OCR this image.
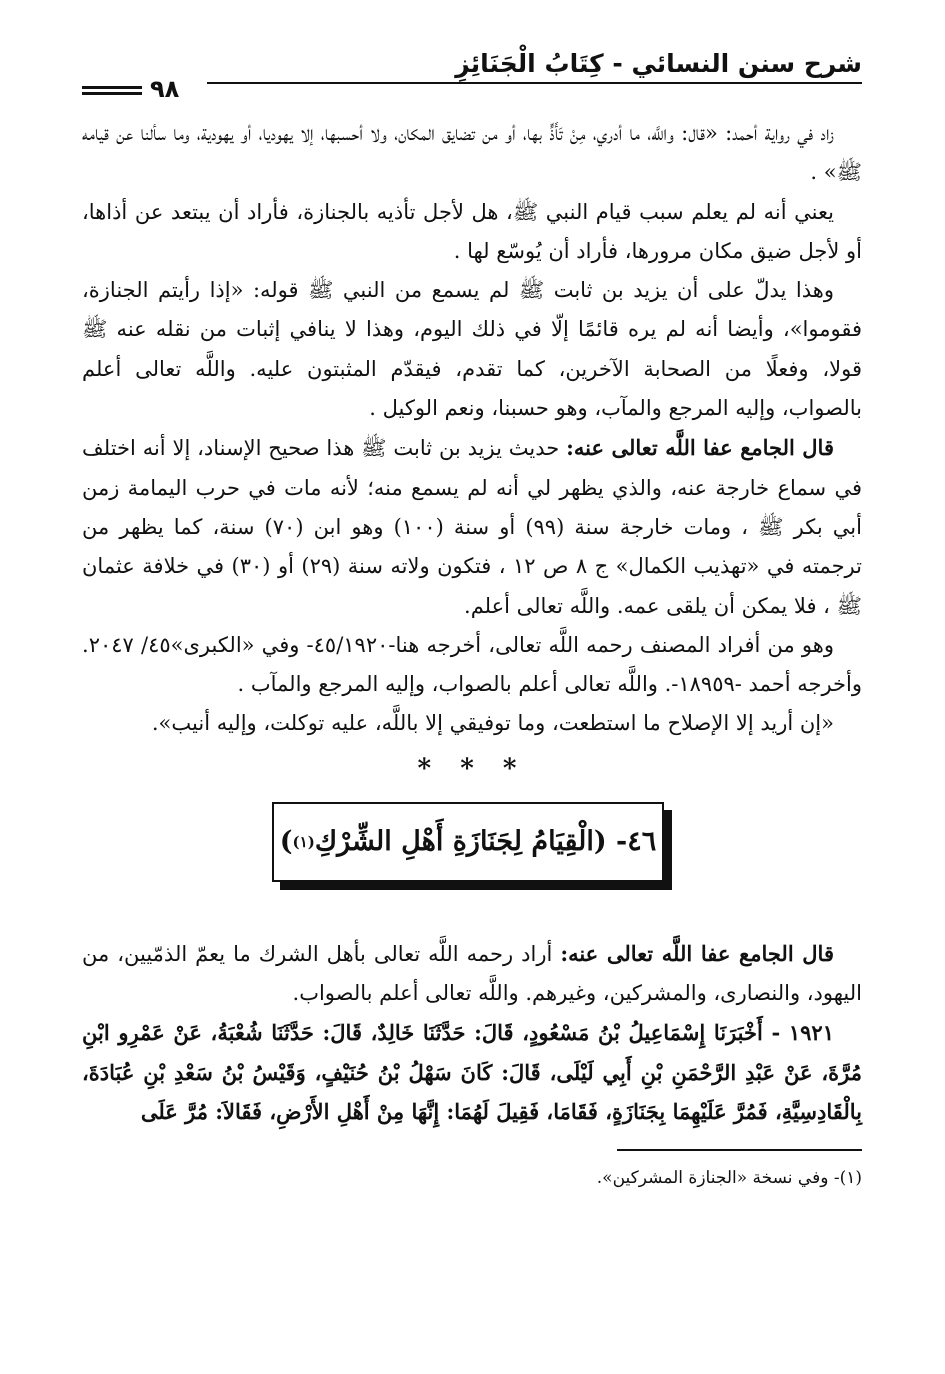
شرح سنن النسائي - كِتَابُ الْجَنَائِزِ
٩٨

زاد في رواية أحمد: «قال: واللَّه، ما أدري، مِنْ تَأَذٍّ بها، أو من تضايق المكان، ولا أحسبها، إلا يهوديا، أو يهودية، وما سألنا عن قيامه ﷺ» .

يعني أنه لم يعلم سبب قيام النبي ﷺ، هل لأجل تأذيه بالجنازة، فأراد أن يبتعد عن أذاها، أو لأجل ضيق مكان مرورها، فأراد أن يُوسّع لها .

وهذا يدلّ على أن يزيد بن ثابت ﷺ لم يسمع من النبي ﷺ قوله: «إذا رأيتم الجنازة، فقوموا»، وأيضا أنه لم يره قائمًا إلّا في ذلك اليوم، وهذا لا ينافي إثبات من نقله عنه ﷺ قولا، وفعلًا من الصحابة الآخرين، كما تقدم، فيقدّم المثبتون عليه. واللَّه تعالى أعلم بالصواب، وإليه المرجع والمآب، وهو حسبنا، ونعم الوكيل .

قال الجامع عفا اللَّه تعالى عنه: حديث يزيد بن ثابت ﷺ هذا صحيح الإسناد، إلا أنه اختلف في سماع خارجة عنه، والذي يظهر لي أنه لم يسمع منه؛ لأنه مات في حرب اليمامة زمن أبي بكر ﷺ ، ومات خارجة سنة (٩٩) أو سنة (١٠٠) وهو ابن (٧٠) سنة، كما يظهر من ترجمته في «تهذيب الكمال» ج ٨ ص ١٢ ، فتكون ولاته سنة (٢٩) أو (٣٠) في خلافة عثمان ﷺ ، فلا يمكن أن يلقى عمه. واللَّه تعالى أعلم.

وهو من أفراد المصنف رحمه اللَّه تعالى، أخرجه هنا-٤٥/١٩٢٠- وفي «الكبرى»٤٥/ ٢٠٤٧. وأخرجه أحمد -١٨٩٥٩-. واللَّه تعالى أعلم بالصواب، وإليه المرجع والمآب .

«إن أريد إلا الإصلاح ما استطعت، وما توفيقي إلا باللَّه، عليه توكلت، وإليه أنيب».

* * *
٤٦- (الْقِيَامُ لِجَنَازَةِ أَهْلِ الشِّرْكِ
(١)
)

قال الجامع عفا اللَّه تعالى عنه: أراد رحمه اللَّه تعالى بأهل الشرك ما يعمّ الذمّيين، من اليهود، والنصارى، والمشركين، وغيرهم. واللَّه تعالى أعلم بالصواب.

١٩٢١ - أَخْبَرَنَا إِسْمَاعِيلُ بْنُ مَسْعُودٍ، قَالَ: حَدَّثَنَا خَالِدٌ، قَالَ: حَدَّثَنَا شُعْبَةُ، عَنْ عَمْرِو ابْنِ مُرَّةَ، عَنْ عَبْدِ الرَّحْمَنِ بْنِ أَبِي لَيْلَى، قَالَ: كَانَ سَهْلُ بْنُ حُنَيْفٍ، وَقَيْسُ بْنُ سَعْدِ بْنِ عُبَادَةَ، بِالْقَادِسِيَّةِ، فَمُرَّ عَلَيْهِمَا بِجَنَازَةٍ، فَقَامَا، فَقِيلَ لَهُمَا: إِنَّهَا مِنْ أَهْلِ الأَرْضِ، فَقَالاَ: مُرَّ عَلَى

(١)- وفي نسخة «الجنازة المشركين».
